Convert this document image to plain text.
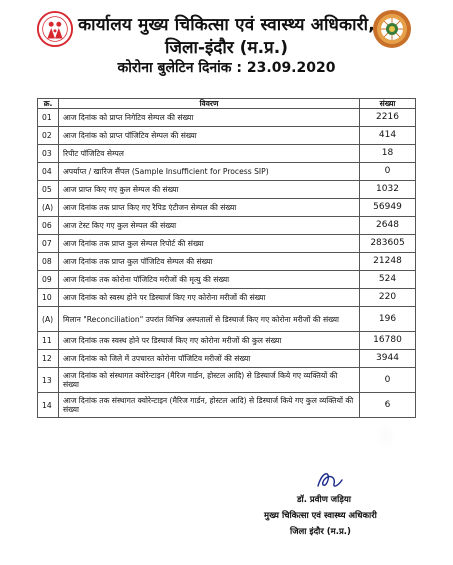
कार्यालय मुख्य चिकित्सा एवं स्वास्थ्य अधिकारी,
जिला-इंदौर (म.प्र.)
कोरोना बुलेटिन दिनांक : 23.09.2020
क्र.	विवरण	संख्या
01	आज दिनांक को प्राप्त निगेटिव सेम्पल की संख्या	2216
02	आज दिनांक को प्राप्त पॉजिटिव सेम्पल की संख्या	414
03	रिपीट पॉजिटिव सेम्पल	18
04	अपर्याप्त / खारिज सैंपल (Sample Insufficient for Process SIP)	0
05	आज प्राप्त किए गए कुल सेम्पल की संख्या	1032
(A)	आज दिनांक तक प्राप्त किए गए रैपिड एंटीजन सेम्पल की संख्या	56949
06	आज टेस्ट किए गए कुल सेम्पल की संख्या	2648
07	आज दिनांक तक प्राप्त कुल सेम्पल रिपोर्ट की संख्या	283605
08	आज दिनांक तक प्राप्त कुल पॉजिटिव सेम्पल की संख्या	21248
09	आज दिनांक तक कोरोना पॉजिटिव मरीजों की मृत्यु की संख्या	524
10	आज दिनांक को स्वस्थ होने पर डिस्चार्ज किए गए कोरोना मरीजों की संख्या	220
(A)	मिलान "Reconciliation" उपरांत विभिन्न अस्पतालों से डिस्चार्ज किए गए कोरोना मरीजों की संख्या	196
11	आज दिनांक तक स्वस्थ होने पर डिस्चार्ज किए गए कोरोना मरीजों की कुल संख्या	16780
12	आज दिनांक को जिले में उपचारत कोरोना पॉजिटिव मरीजों की संख्या	3944
13	आज दिनांक को संस्थागत क्वोरेन्टाइन (मैरिज गार्डन, होस्टल आदि) से डिस्चार्ज किये गए व्यक्तियों की संख्या	0
14	आज दिनांक तक संस्थागत क्वोरेन्टाइन (मैरिज गार्डन, होस्टल आदि) से डिस्चार्ज किये गए कुल व्यक्तियों की संख्या	6
डॉ. प्रवीण जड़िया
मुख्य चिकित्सा एवं स्वास्थ्य अधिकारी
जिला इंदौर (म.प्र.)
